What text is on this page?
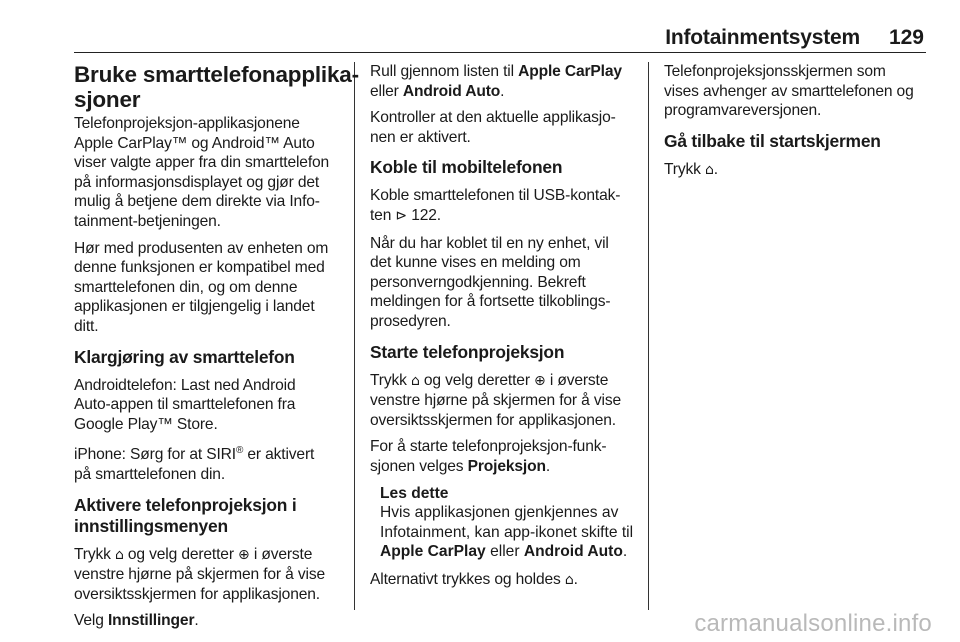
Infotainmentsystem 129
Bruke smarttelefonapplika-
sjoner

Telefonprojeksjon-applikasjonene
Apple CarPlay™ og Android™ Auto
viser valgte apper fra din smarttelefon
på informasjonsdisplayet og gjør det
mulig å betjene dem direkte via Info-
tainment-betjeningen.

Hør med produsenten av enheten om
denne funksjonen er kompatibel med
smarttelefonen din, og om denne
applikasjonen er tilgjengelig i landet
ditt.

Klargjøring av smarttelefon

Androidtelefon: Last ned Android
Auto-appen til smarttelefonen fra
Google Play™ Store.

iPhone: Sørg for at SIRI® er aktivert
på smarttelefonen din.

Aktivere telefonprojeksjon i
innstillingsmenyen

Trykk ⌂ og velg deretter ⊕ i øverste
venstre hjørne på skjermen for å vise
oversiktsskjermen for applikasjonen.

Velg Innstillinger.

Rull gjennom listen til Apple CarPlay
eller Android Auto.

Kontroller at den aktuelle applikasjo-
nen er aktivert.

Koble til mobiltelefonen

Koble smarttelefonen til USB-kontak-
ten ⊳ 122.

Når du har koblet til en ny enhet, vil
det kunne vises en melding om
personverngodkjenning. Bekreft
meldingen for å fortsette tilkoblings-
prosedyren.

Starte telefonprojeksjon

Trykk ⌂ og velg deretter ⊕ i øverste
venstre hjørne på skjermen for å vise
oversiktsskjermen for applikasjonen.

For å starte telefonprojeksjon-funk-
sjonen velges Projeksjon.

Les dette
Hvis applikasjonen gjenkjennes av
Infotainment, kan app-ikonet skifte til
Apple CarPlay eller Android Auto.

Alternativt trykkes og holdes ⌂.

Telefonprojeksjonsskjermen som
vises avhenger av smarttelefonen og
programvareversjonen.

Gå tilbake til startskjermen

Trykk ⌂.

carmanualsonline.info
